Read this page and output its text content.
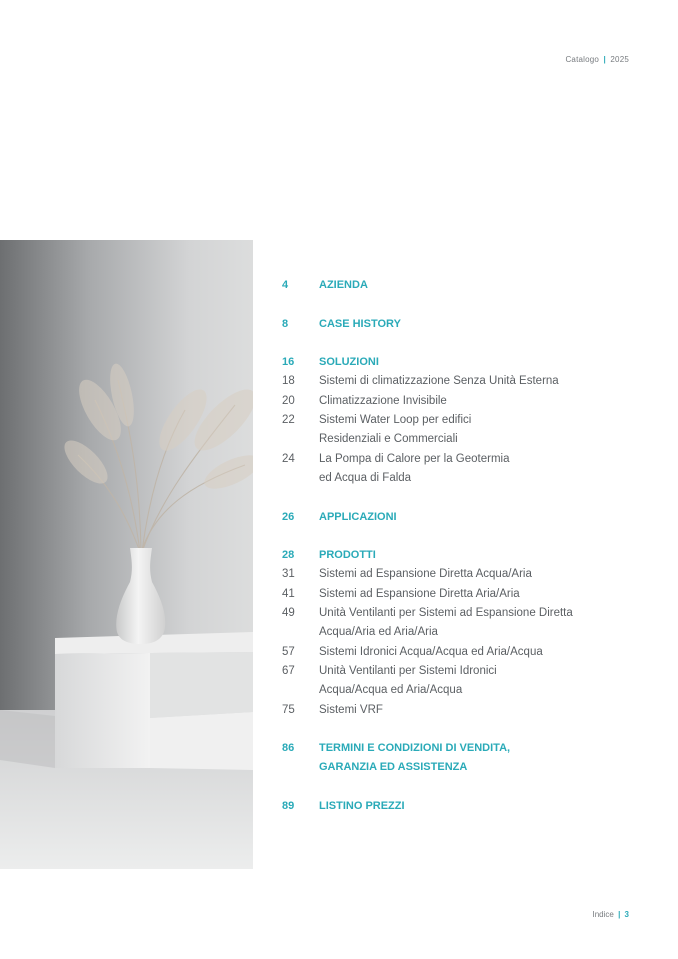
Catalogo | 2025
4	AZIENDA
8	CASE HISTORY
16	SOLUZIONI
18	Sistemi di climatizzazione Senza Unità Esterna
20	Climatizzazione Invisibile
22	Sistemi Water Loop per edifici
Residenziali e Commerciali
24	La Pompa di Calore per la Geotermia
ed Acqua di Falda
26	APPLICAZIONI
28	PRODOTTI
31	Sistemi ad Espansione Diretta Acqua/Aria
41	Sistemi ad Espansione Diretta Aria/Aria
49	Unità Ventilanti per Sistemi ad Espansione Diretta
Acqua/Aria ed Aria/Aria
57	Sistemi Idronici Acqua/Acqua ed Aria/Acqua
67	Unità Ventilanti per Sistemi Idronici
Acqua/Acqua ed Aria/Acqua
75	Sistemi VRF
86	TERMINI E CONDIZIONI DI VENDITA,
GARANZIA ED ASSISTENZA
89	LISTINO PREZZI
Indice | 3
